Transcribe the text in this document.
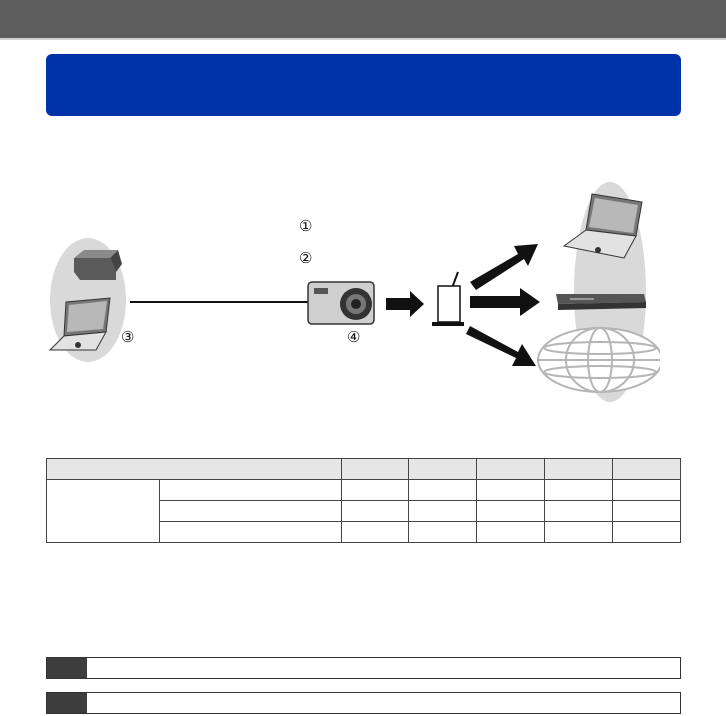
①
②
③	④
